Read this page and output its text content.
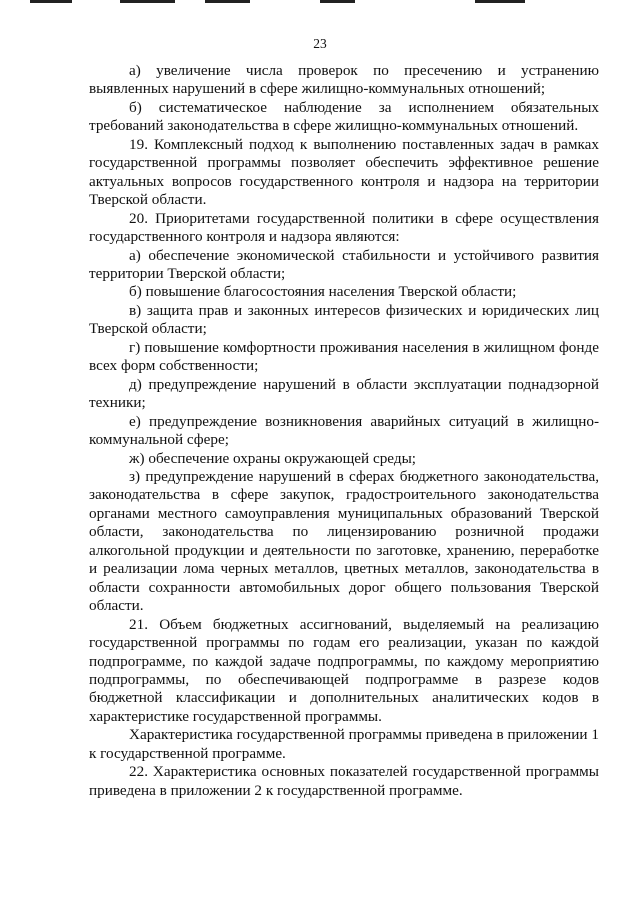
23

а) увеличение числа проверок по пресечению и устранению выявленных нарушений в сфере жилищно-коммунальных отношений;

б) систематическое наблюдение за исполнением обязательных требований законодательства в сфере жилищно-коммунальных отношений.

19. Комплексный подход к выполнению поставленных задач в рамках государственной программы позволяет обеспечить эффективное решение актуальных вопросов государственного контроля и надзора на территории Тверской области.

20. Приоритетами государственной политики в сфере осуществления государственного контроля и надзора являются:

а) обеспечение экономической стабильности и устойчивого развития территории Тверской области;

б) повышение благосостояния населения Тверской области;

в) защита прав и законных интересов физических и юридических лиц Тверской области;

г) повышение комфортности проживания населения в жилищном фонде всех форм собственности;

д) предупреждение нарушений в области эксплуатации поднадзорной техники;

е) предупреждение возникновения аварийных ситуаций в жилищно-коммунальной сфере;

ж) обеспечение охраны окружающей среды;

з) предупреждение нарушений в сферах бюджетного законодательства, законодательства в сфере закупок, градостроительного законодательства органами местного самоуправления муниципальных образований Тверской области, законодательства по лицензированию розничной продажи алкогольной продукции и деятельности по заготовке, хранению, переработке и реализации лома черных металлов, цветных металлов, законодательства в области сохранности автомобильных дорог общего пользования Тверской области.

21. Объем бюджетных ассигнований, выделяемый на реализацию государственной программы по годам его реализации, указан по каждой подпрограмме, по каждой задаче подпрограммы, по каждому мероприятию подпрограммы, по обеспечивающей подпрограмме в разрезе кодов бюджетной классификации и дополнительных аналитических кодов в характеристике государственной программы.

Характеристика государственной программы приведена в приложении 1 к государственной программе.

22. Характеристика основных показателей государственной программы приведена в приложении 2 к государственной программе.
